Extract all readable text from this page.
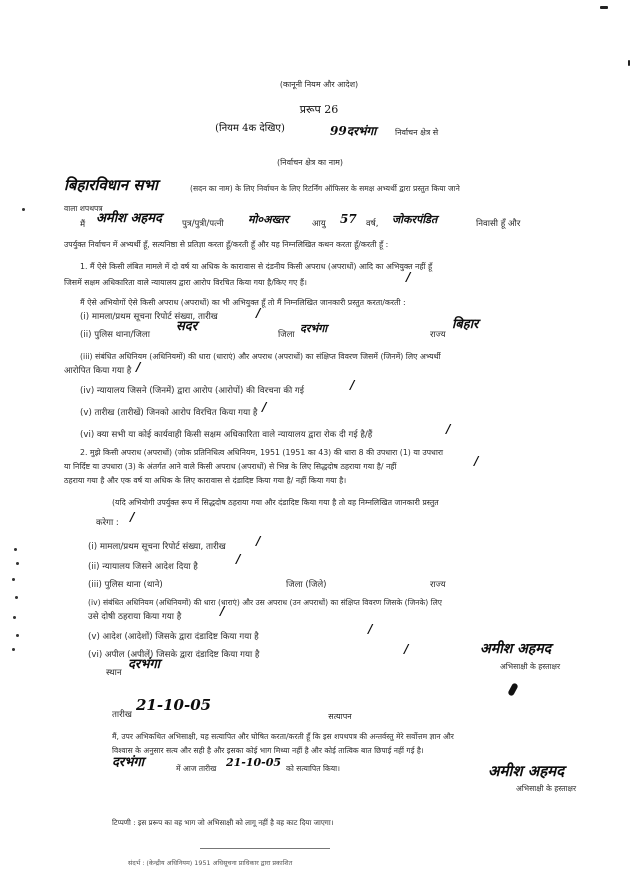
(कानूनी नियम और आदेश)
प्ररूप 26
(नियम 4क देखिए)	99दरभंगा निर्वाचन क्षेत्र से
(निर्वाचन क्षेत्र का नाम)
बिहारविधान सभा	(सदन का नाम) के लिए निर्वाचन के लिए रिटर्निंग ऑफिसर के समक्ष अभ्यर्थी द्वारा प्रस्तुत किया जाने
वाला शपथपत्र
मैं अमीश अहमद पुत्र/पुत्री/पत्नी मो०अख्तर	आयु 57 वर्ष, जोकरपंडित	निवासी हूँ और
उपर्युक्त निर्वाचन में अभ्यर्थी हूँ, सत्यनिष्ठा से प्रतिज्ञा करता हूँ/करती हूँ और यह निम्नलिखित कथन करता हूँ/करती हूँ :
1. मैं ऐसे किसी लंबित मामले में दो वर्ष या अधिक के कारावास से दंडनीय किसी अपराध (अपराधों) आदि का अभियुक्त नहीं हूँ
जिसमें सक्षम अधिकारिता वाले न्यायालय द्वारा आरोप विरचित किया गया है/किए गए हैं।	/
मैं ऐसे अभियोगों ऐसे किसी अपराध (अपराधों) का भी अभियुक्त हूँ तो मैं निम्नलिखित जानकारी प्रस्तुत करता/करती :
(i) मामला/प्रथम सूचना रिपोर्ट संख्या, तारीख	/
(ii) पुलिस थाना/जिला
सदर
जिला दरभंगा	राज्य
बिहार
(iii) संबंधित अधिनियम (अधिनियमों) की धारा (धाराएं) और अपराध (अपराधों) का संक्षिप्त विवरण जिसमें (जिनमें) लिए अभ्यर्थी
आरोपित किया गया है /
(iv) न्यायालय जिसने (जिनमें) द्वारा आरोप (आरोपों) की विरचना की गई	/
(v) तारीख (तारीखें) जिनको आरोप विरचित किया गया है /
(vi) क्या सभी या कोई कार्यवाही किसी सक्षम अधिकारिता वाले न्यायालय द्वारा रोक दी गई है/हैं	/
2. मुझे किसी अपराध (अपराधों) (जोक प्रतिनिधित्व अधिनियम, 1951 (1951 का 43) की धारा 8 की उपधारा (1) या उपधारा
या निर्दिष्ट या उपधारा (3) के अंतर्गत आने वाले किसी अपराध (अपराधों) से भिन्न के लिए सिद्धदोष ठहराया गया है/ नहीं
ठहराया गया है और एक वर्ष या अधिक के लिए कारावास से दंडादिष्ट किया गया है/ नहीं किया गया है।
/
(यदि अभियोगी उपर्युक्त रूप में सिद्धदोष ठहराया गया और दंडादिष्ट किया गया है तो वह निम्नलिखित जानकारी प्रस्तुत
करेगा : /
(i) मामला/प्रथम सूचना रिपोर्ट संख्या, तारीख	/
(ii) न्यायालय जिसने आदेश दिया है
/
(iii) पुलिस थाना (थाने)	जिला (जिले)	राज्य
(iv) संबंधित अधिनियम (अधिनियमों) की धारा (धाराएं) और उस अपराध (उन अपराधों) का संक्षिप्त विवरण जिसके (जिनके) लिए
उसे दोषी ठहराया किया गया है	/
(v) आदेश (आदेशों) जिसके द्वारा दंडादिष्ट किया गया है
/
(vi) अपील (अपीलें) जिसके द्वारा दंडादिष्ट किया गया है	/	अमीश अहमद
अभिसाक्षी के हस्ताक्षर
स्थान
दरभंगा
तारीख
21-10-05
सत्यापन
मैं, उपर अभिकथित अभिसाक्षी, यह सत्यापित और घोषित करता/करती हूँ कि इस शपथपत्र की अन्तर्वस्तु मेरे सर्वोत्तम ज्ञान और
विश्वास के अनुसार सत्य और सही है और इसका कोई भाग मिथ्या नहीं है और कोई तात्विक बात छिपाई नहीं गई है।
दरभंगा	में आज तारीख 21-10-05 को सत्यापित किया।	अमीश अहमद
अभिसाक्षी के हस्ताक्षर
टिप्पणी : इस प्ररूप का वह भाग जो अभिसाक्षी को लागू नहीं है वह काट दिया जाएगा।
संदर्भ : (केन्द्रीय अधिनियम) 1951 अधिसूचना प्राधिकार द्वारा प्रकाशित
